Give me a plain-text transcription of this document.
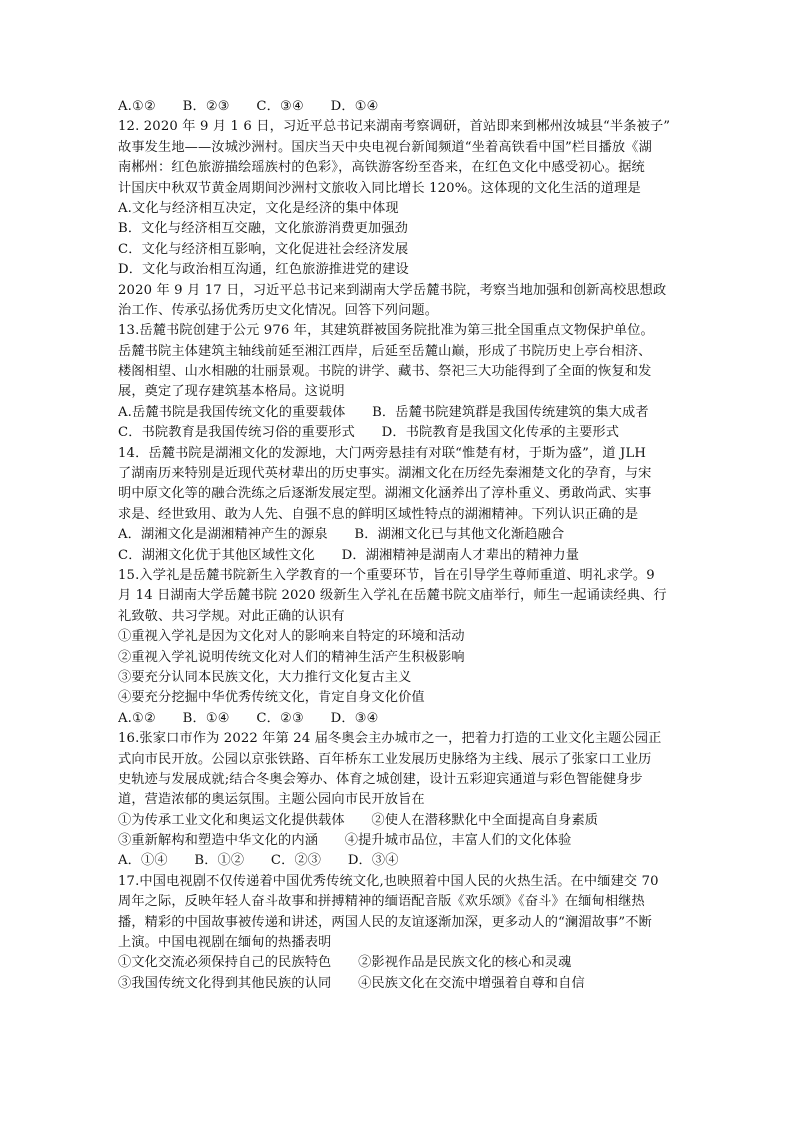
A.①②　　B．②③　　C．③④　　D．①④
12. 2020 年 9 月 1 6 日，习近平总书记来湖南考察调研，首站即来到郴州汝城县“半条被子”
故事发生地——汝城沙洲村。国庆当天中央电视台新闻频道“坐着高铁看中国”栏目播放《湖
南郴州：红色旅游描绘瑶族村的色彩》，高铁游客纷至沓来，在红色文化中感受初心。据统
计国庆中秋双节黄金周期间沙洲村文旅收入同比增长 120%。这体现的文化生活的道理是
A.文化与经济相互决定，文化是经济的集中体现
B．文化与经济相互交融，文化旅游消费更加强劲
C．文化与经济相互影响，文化促进社会经济发展
D．文化与政治相互沟通，红色旅游推进党的建设
2020 年 9 月 17 日，习近平总书记来到湖南大学岳麓书院，考察当地加强和创新高校思想政
治工作、传承弘扬优秀历史文化情况。回答下列问题。
13.岳麓书院创建于公元 976 年，其建筑群被国务院批准为第三批全国重点文物保护单位。
岳麓书院主体建筑主轴线前延至湘江西岸，后延至岳麓山巅，形成了书院历史上亭台相济、
楼阁相望、山水相融的壮丽景观。书院的讲学、藏书、祭祀三大功能得到了全面的恢复和发
展，奠定了现存建筑基本格局。这说明
A.岳麓书院是我国传统文化的重要载体　　B．岳麓书院建筑群是我国传统建筑的集大成者
C．书院教育是我国传统习俗的重要形式　　D．书院教育是我国文化传承的主要形式
14．岳麓书院是湖湘文化的发源地，大门两旁悬挂有对联“惟楚有材，于斯为盛”，道 JLH
了湖南历来特别是近现代英材辈出的历史事实。湖湘文化在历经先秦湘楚文化的孕育，与宋
明中原文化等的融合洗练之后逐渐发展定型。湖湘文化涵养出了淳朴重义、勇敢尚武、实事
求是、经世致用、敢为人先、自强不息的鲜明区域性特点的湖湘精神。下列认识正确的是
A．湖湘文化是湖湘精神产生的源泉　　B．湖湘文化已与其他文化渐趋融合
C．湖湘文化优于其他区域性文化　　D．湖湘精神是湖南人才辈出的精神力量
15.入学礼是岳麓书院新生入学教育的一个重要环节，旨在引导学生尊师重道、明礼求学。9
月 14 日湖南大学岳麓书院 2020 级新生入学礼在岳麓书院文庙举行，师生一起诵读经典、行
礼致敬、共习学规。对此正确的认识有
①重视入学礼是因为文化对人的影响来自特定的环境和活动
②重视入学礼说明传统文化对人们的精神生活产生积极影响
③要充分认同本民族文化，大力推行文化复古主义
④要充分挖掘中华优秀传统文化，肯定自身文化价值
A.①②　　B．①④　　C．②③　　D．③④
16.张家口市作为 2022 年第 24 届冬奥会主办城市之一，把着力打造的工业文化主题公园正
式向市民开放。公园以京张铁路、百年桥东工业发展历史脉络为主线、展示了张家口工业历
史轨迹与发展成就;结合冬奥会筹办、体育之城创建，设计五彩迎宾通道与彩色智能健身步
道，营造浓郁的奥运氛围。主题公园向市民开放旨在
①为传承工业文化和奥运文化提供载体　　②使人在潜移默化中全面提高自身素质
③重新解构和塑造中华文化的内涵　　④提升城市品位，丰富人们的文化体验
A．①④　　B．①②　　C．②③　　D．③④
17.中国电视剧不仅传递着中国优秀传统文化,也映照着中国人民的火热生活。在中缅建交 70
周年之际，反映年轻人奋斗故事和拼搏精神的缅语配音版《欢乐颂》《奋斗》在缅甸相继热
播，精彩的中国故事被传递和讲述，两国人民的友谊逐渐加深，更多动人的“澜湄故事”不断
上演。中国电视剧在缅甸的热播表明
①文化交流必须保持自己的民族特色　　②影视作品是民族文化的核心和灵魂
③我国传统文化得到其他民族的认同　　④民族文化在交流中增强着自尊和自信
